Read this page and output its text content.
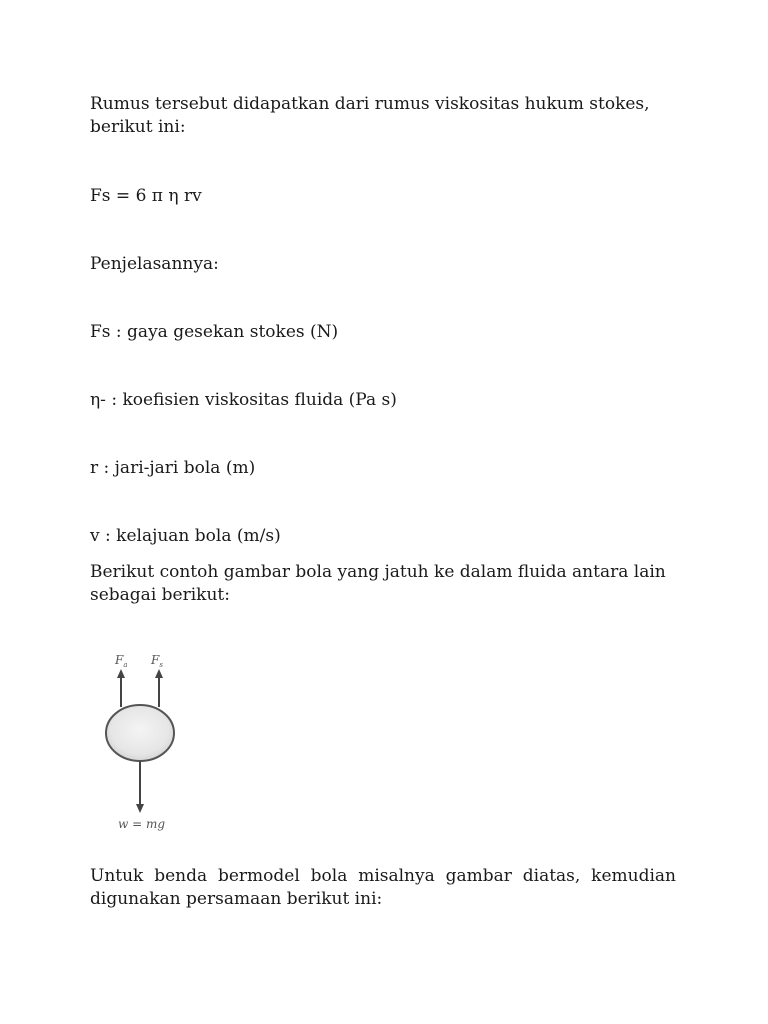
Rumus tersebut didapatkan dari rumus viskositas hukum stokes,
berikut ini:
Fs = 6 π η rv
Penjelasannya:
Fs : gaya gesekan stokes (N)
η- : koefisien viskositas fluida (Pa s)
r : jari-jari bola (m)
v : kelajuan bola (m/s)
Berikut contoh gambar bola yang jatuh ke dalam fluida antara lain
sebagai berikut:
$F_a$ $F_s$
w = mg
Untuk benda bermodel bola misalnya gambar diatas, kemudian
digunakan persamaan berikut ini:
